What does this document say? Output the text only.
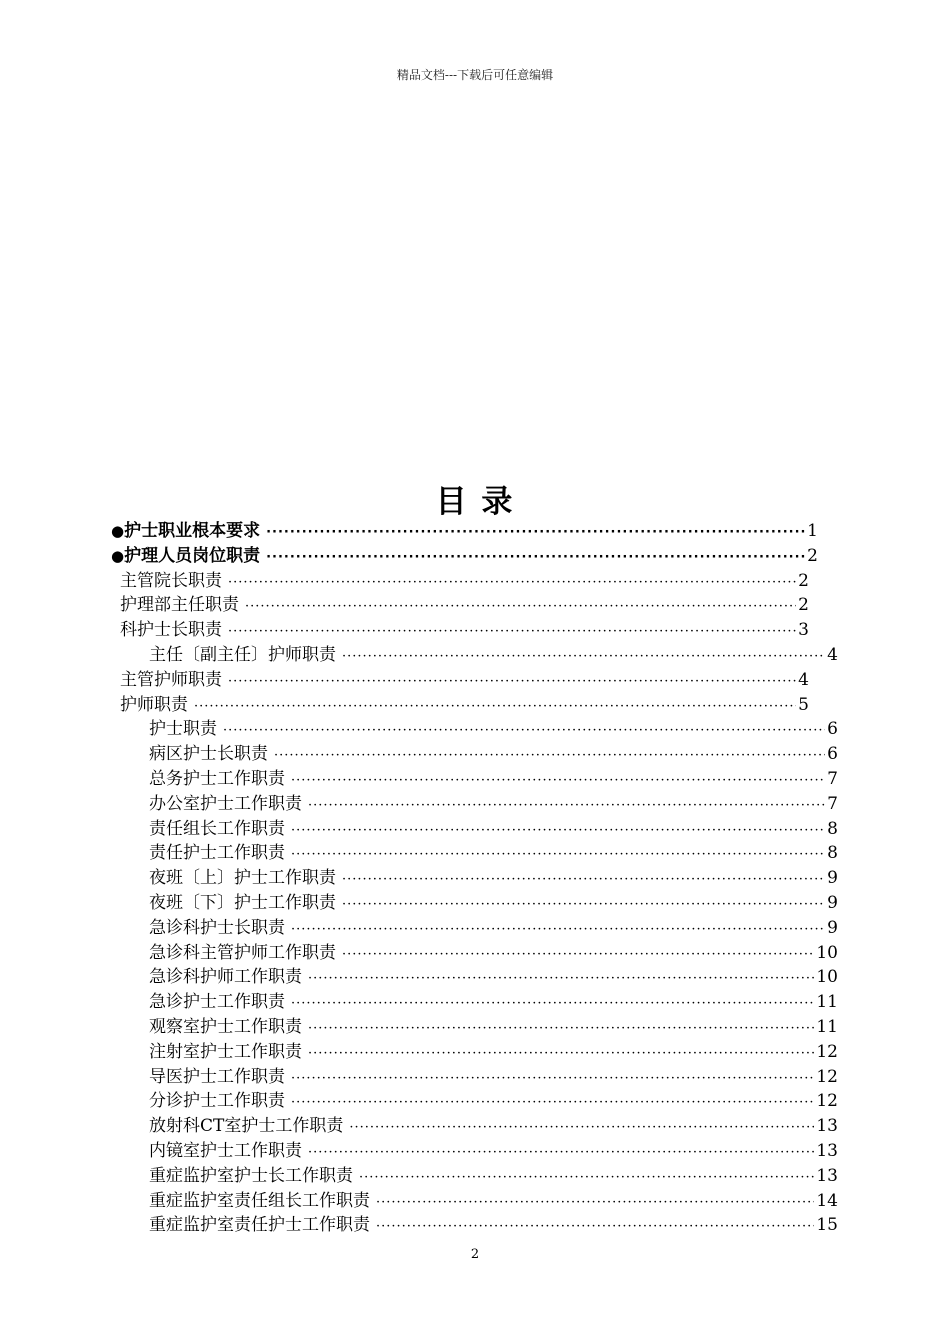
精品文档---下载后可任意编辑
目 录
● 护士职业根本要求 ·····	1
● 护理人员岗位职责 ·····	2
主管院长职责 ·····	2
护理部主任职责 ·····	2
科护士长职责 ·····	3
主任〔副主任〕护师职责 ·····	4
主管护师职责 ·····	4
护师职责 ·····	5
护士职责 ·····	6
病区护士长职责 ·····	6
总务护士工作职责 ·····	7
办公室护士工作职责 ·····	7
责任组长工作职责 ·····	8
责任护士工作职责 ·····	8
夜班〔上〕护士工作职责 ·····	9
夜班〔下〕护士工作职责 ·····	9
急诊科护士长职责 ·····	9
急诊科主管护师工作职责 ·····	10
急诊科护师工作职责 ·····	10
急诊护士工作职责 ·····	11
观察室护士工作职责 ·····	11
注射室护士工作职责 ·····	12
导医护士工作职责 ·····	12
分诊护士工作职责 ·····	12
放射科CT室护士工作职责 ·····	13
内镜室护士工作职责 ·····	13
重症监护室护士长工作职责 ·····	13
重症监护室责任组长工作职责 ·····	14
重症监护室责任护士工作职责 ·····	15
2
